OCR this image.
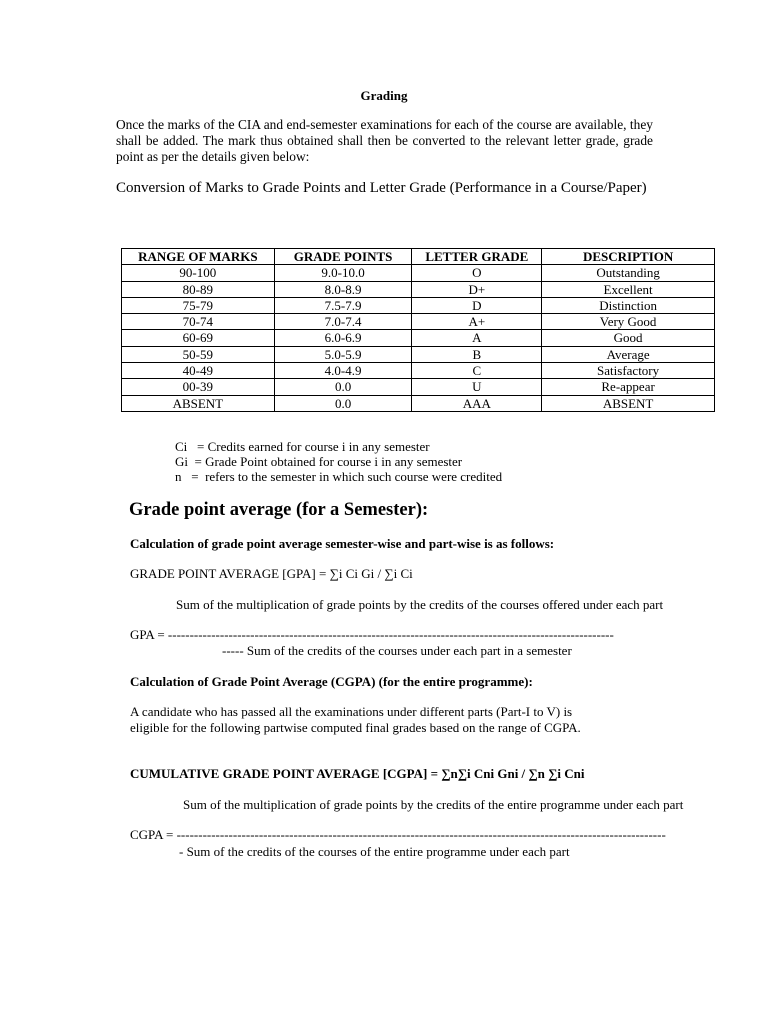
Grading
Once the marks of the CIA and end-semester examinations for each of the course are available, they shall be added. The mark thus obtained shall then be converted to the relevant letter grade, grade point as per the details given below:
Conversion of Marks to Grade Points and Letter Grade (Performance in a Course/Paper)
RANGE OF MARKS	GRADE POINTS	LETTER GRADE	DESCRIPTION
90-100	9.0-10.0	O	Outstanding
80-89	8.0-8.9	D+	Excellent
75-79	7.5-7.9	D	Distinction
70-74	7.0-7.4	A+	Very Good
60-69	6.0-6.9	A	Good
50-59	5.0-5.9	B	Average
40-49	4.0-4.9	C	Satisfactory
00-39	0.0	U	Re-appear
ABSENT	0.0	AAA	ABSENT
Ci   = Credits earned for course i in any semester
Gi  = Grade Point obtained for course i in any semester
n   =  refers to the semester in which such course were credited
Grade point average (for a Semester):
Calculation of grade point average semester-wise and part-wise is as follows:
GRADE POINT AVERAGE [GPA] = ∑i Ci Gi / ∑i Ci
Sum of the multiplication of grade points by the credits of the courses offered under each part
GPA = -------------------------------------------------------------------------------------------------------
----- Sum of the credits of the courses under each part in a semester
Calculation of Grade Point Average (CGPA) (for the entire programme):
A candidate who has passed all the examinations under different parts (Part-I to V) is eligible for the following partwise computed final grades based on the range of CGPA.
CUMULATIVE GRADE POINT AVERAGE [CGPA] = ∑n∑i Cni Gni / ∑n ∑i Cni
Sum of the multiplication of grade points by the credits of the entire programme under each part
CGPA = -----------------------------------------------------------------------------------------------------------------
- Sum of the credits of the courses of the entire programme under each part
